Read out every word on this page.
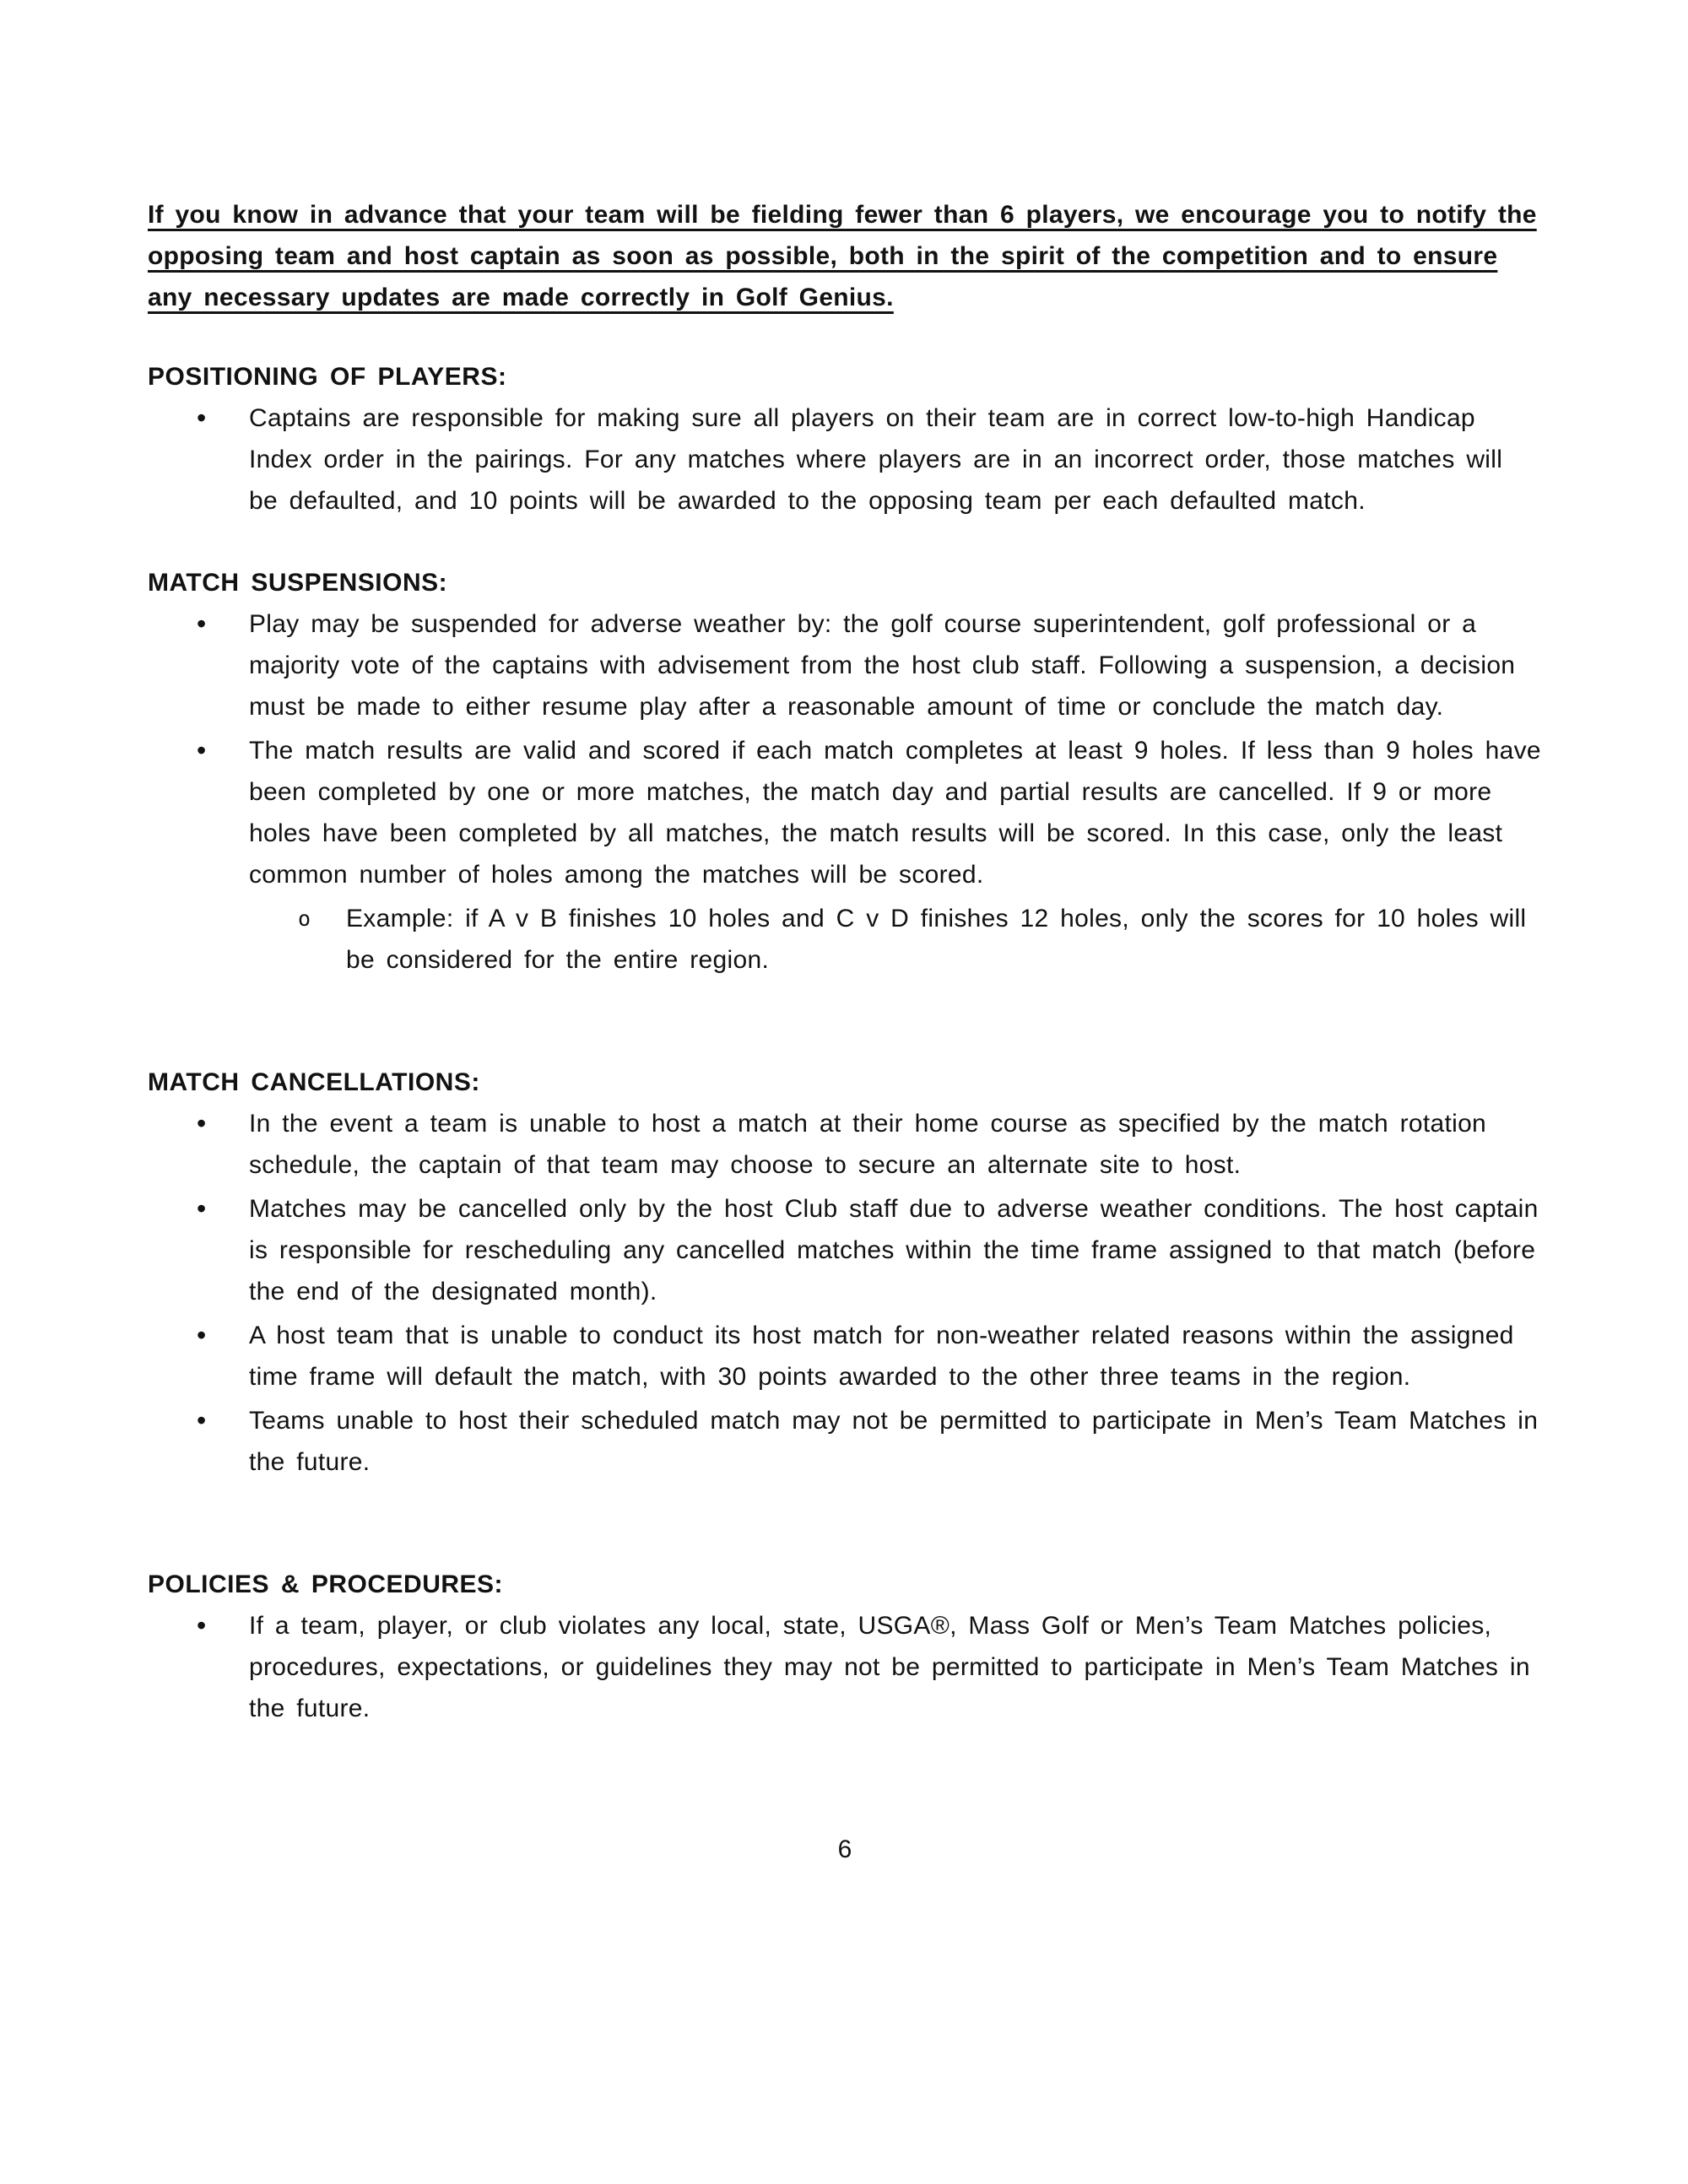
If you know in advance that your team will be fielding fewer than 6 players, we encourage you to notify the opposing team and host captain as soon as possible, both in the spirit of the competition and to ensure any necessary updates are made correctly in Golf Genius.

POSITIONING OF PLAYERS:
•	Captains are responsible for making sure all players on their team are in correct low-to-high Handicap Index order in the pairings. For any matches where players are in an incorrect order, those matches will be defaulted, and 10 points will be awarded to the opposing team per each defaulted match.
MATCH SUSPENSIONS:
•	Play may be suspended for adverse weather by: the golf course superintendent, golf professional or a majority vote of the captains with advisement from the host club staff. Following a suspension, a decision must be made to either resume play after a reasonable amount of time or conclude the match day.
•	The match results are valid and scored if each match completes at least 9 holes. If less than 9 holes have been completed by one or more matches, the match day and partial results are cancelled. If 9 or more holes have been completed by all matches, the match results will be scored. In this case, only the least common number of holes among the matches will be scored.
o	Example: if A v B finishes 10 holes and C v D finishes 12 holes, only the scores for 10 holes will be considered for the entire region.
MATCH CANCELLATIONS:
•	In the event a team is unable to host a match at their home course as specified by the match rotation schedule, the captain of that team may choose to secure an alternate site to host.
•	Matches may be cancelled only by the host Club staff due to adverse weather conditions. The host captain is responsible for rescheduling any cancelled matches within the time frame assigned to that match (before the end of the designated month).
•	A host team that is unable to conduct its host match for non-weather related reasons within the assigned time frame will default the match, with 30 points awarded to the other three teams in the region.
•	Teams unable to host their scheduled match may not be permitted to participate in Men’s Team Matches in the future.
POLICIES & PROCEDURES:
•	If a team, player, or club violates any local, state, USGA®, Mass Golf or Men’s Team Matches policies, procedures, expectations, or guidelines they may not be permitted to participate in Men’s Team Matches in the future.
6
